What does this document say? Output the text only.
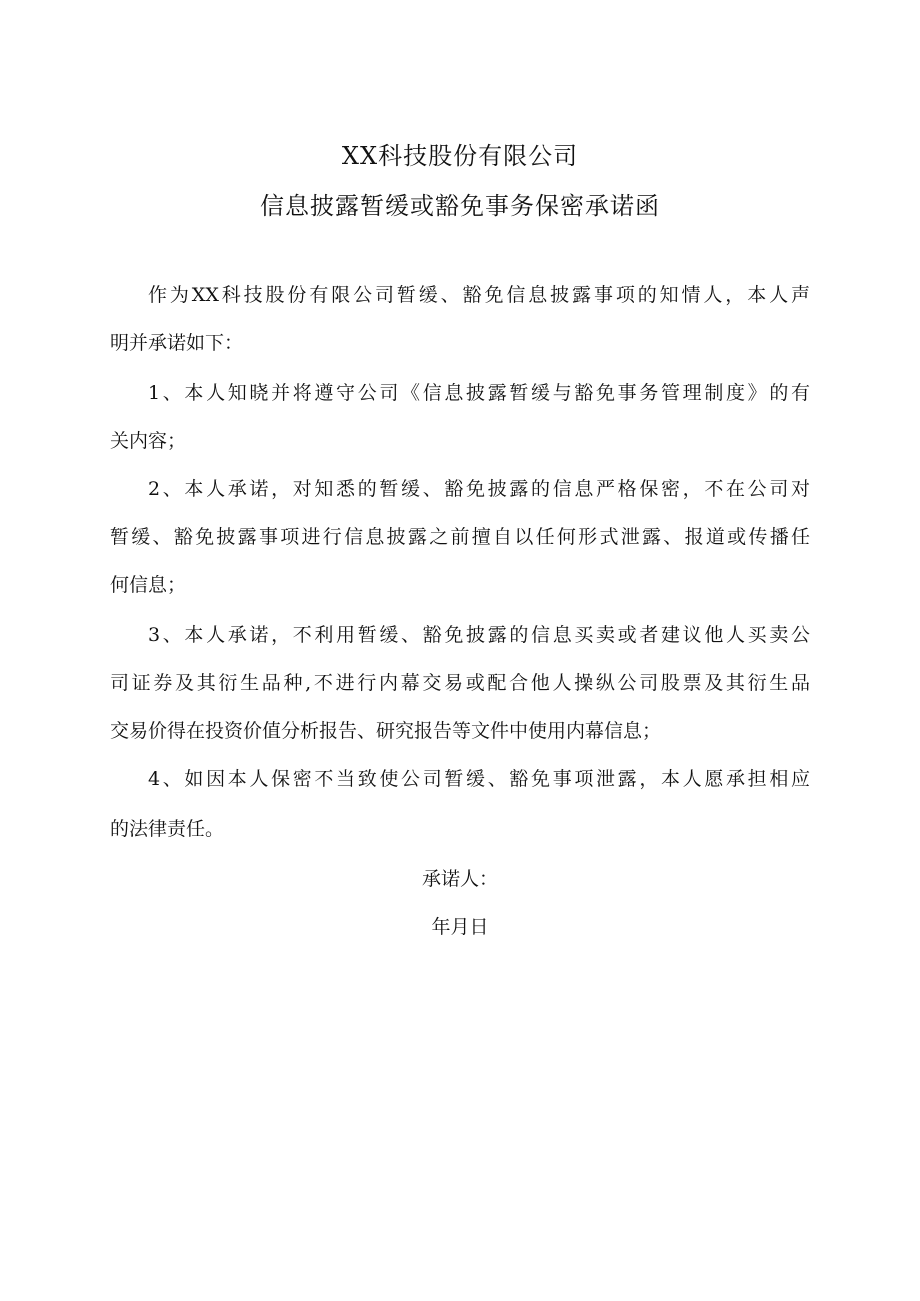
XX科技股份有限公司
信息披露暂缓或豁免事务保密承诺函
作为XX科技股份有限公司暂缓、豁免信息披露事项的知情人，本人声
明并承诺如下：
1、本人知晓并将遵守公司《信息披露暂缓与豁免事务管理制度》的有
关内容；
2、本人承诺，对知悉的暂缓、豁免披露的信息严格保密，不在公司对
暂缓、豁免披露事项进行信息披露之前擅自以任何形式泄露、报道或传播任
何信息；
3、本人承诺，不利用暂缓、豁免披露的信息买卖或者建议他人买卖公
司证券及其衍生品种,不进行内幕交易或配合他人操纵公司股票及其衍生品
交易价得在投资价值分析报告、研究报告等文件中使用内幕信息；
4、如因本人保密不当致使公司暂缓、豁免事项泄露，本人愿承担相应
的法律责任。
承诺人：
年月日
